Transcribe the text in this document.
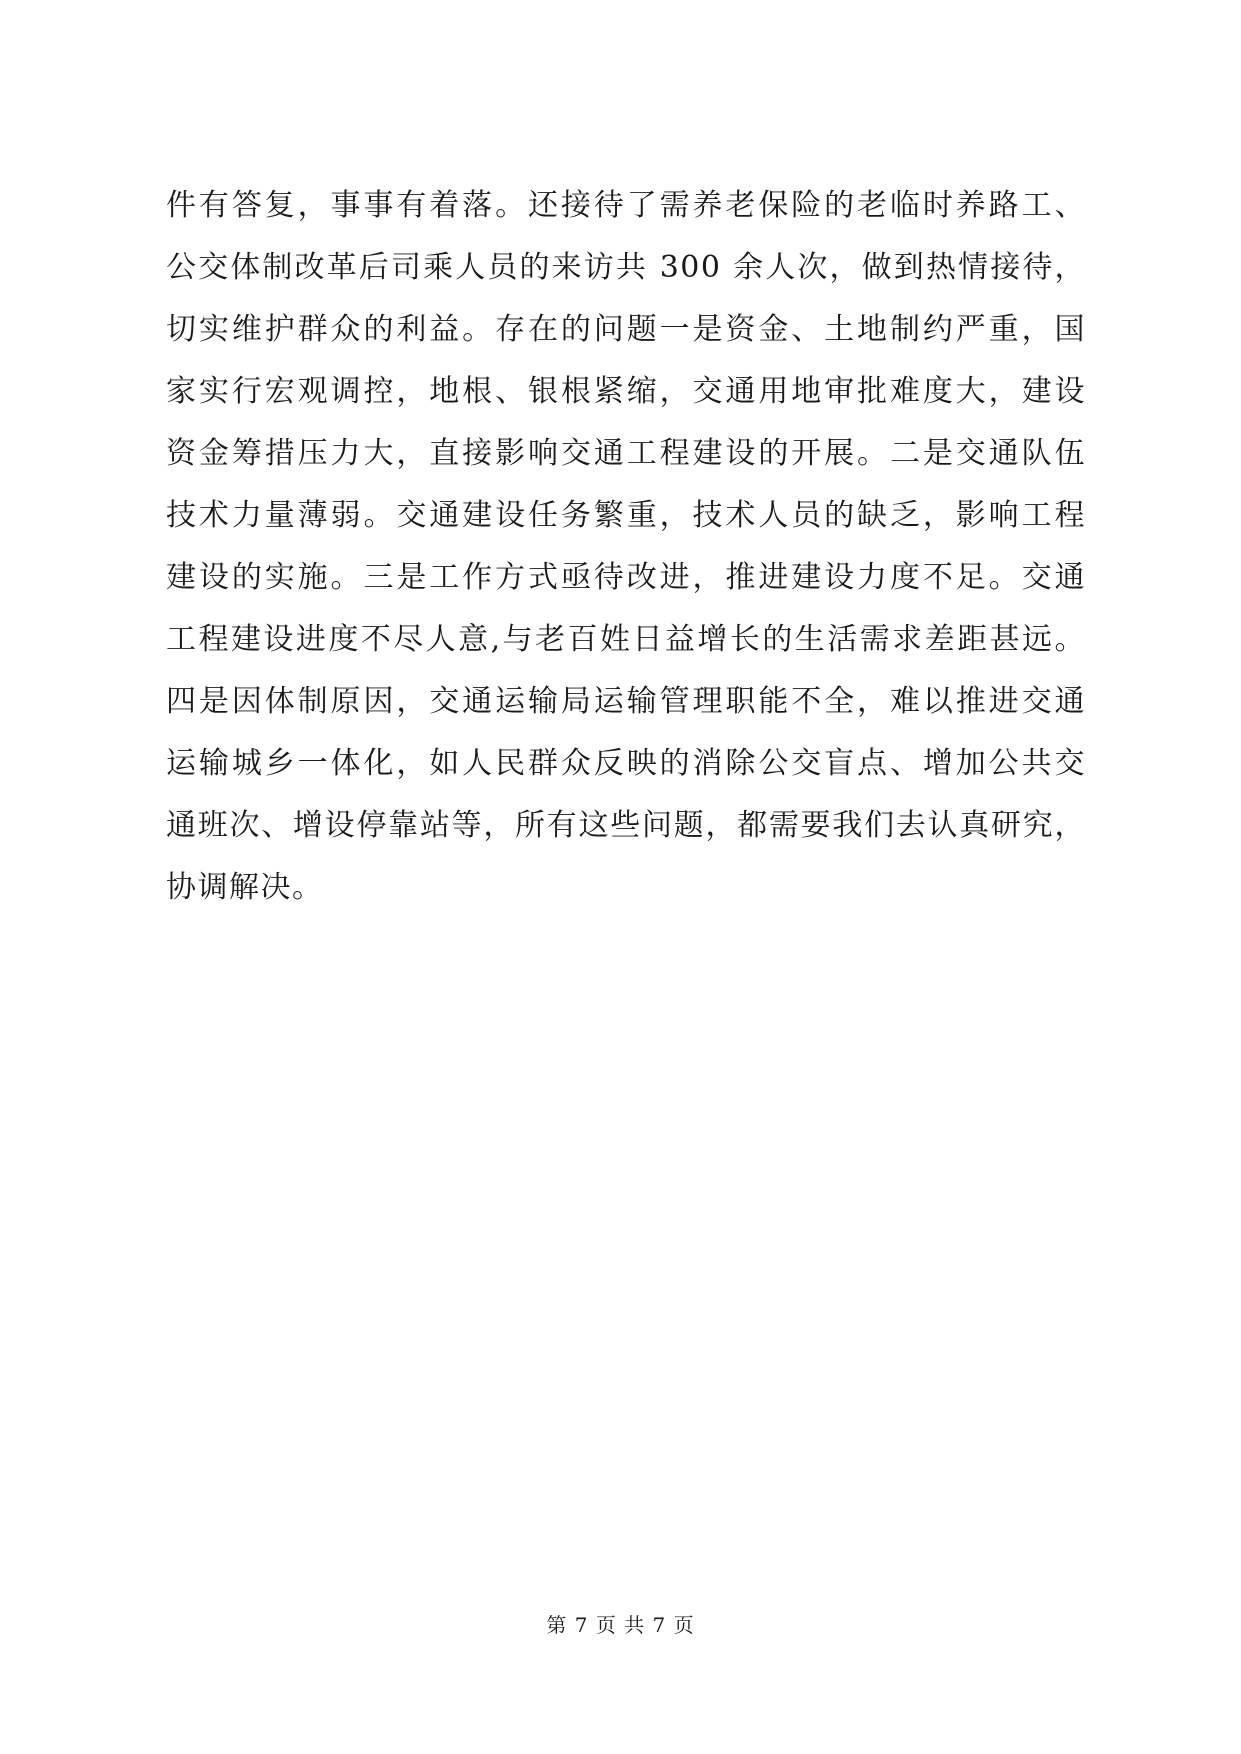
件有答复，事事有着落。还接待了需养老保险的老临时养路工、
公交体制改革后司乘人员的来访共 300 余人次，做到热情接待，
切实维护群众的利益。存在的问题一是资金、土地制约严重，国
家实行宏观调控，地根、银根紧缩，交通用地审批难度大，建设
资金筹措压力大，直接影响交通工程建设的开展。二是交通队伍
技术力量薄弱。交通建设任务繁重，技术人员的缺乏，影响工程
建设的实施。三是工作方式亟待改进，推进建设力度不足。交通
工程建设进度不尽人意,与老百姓日益增长的生活需求差距甚远。
四是因体制原因，交通运输局运输管理职能不全，难以推进交通
运输城乡一体化，如人民群众反映的消除公交盲点、增加公共交
通班次、增设停靠站等，所有这些问题，都需要我们去认真研究，
协调解决。
第 7 页 共 7 页
